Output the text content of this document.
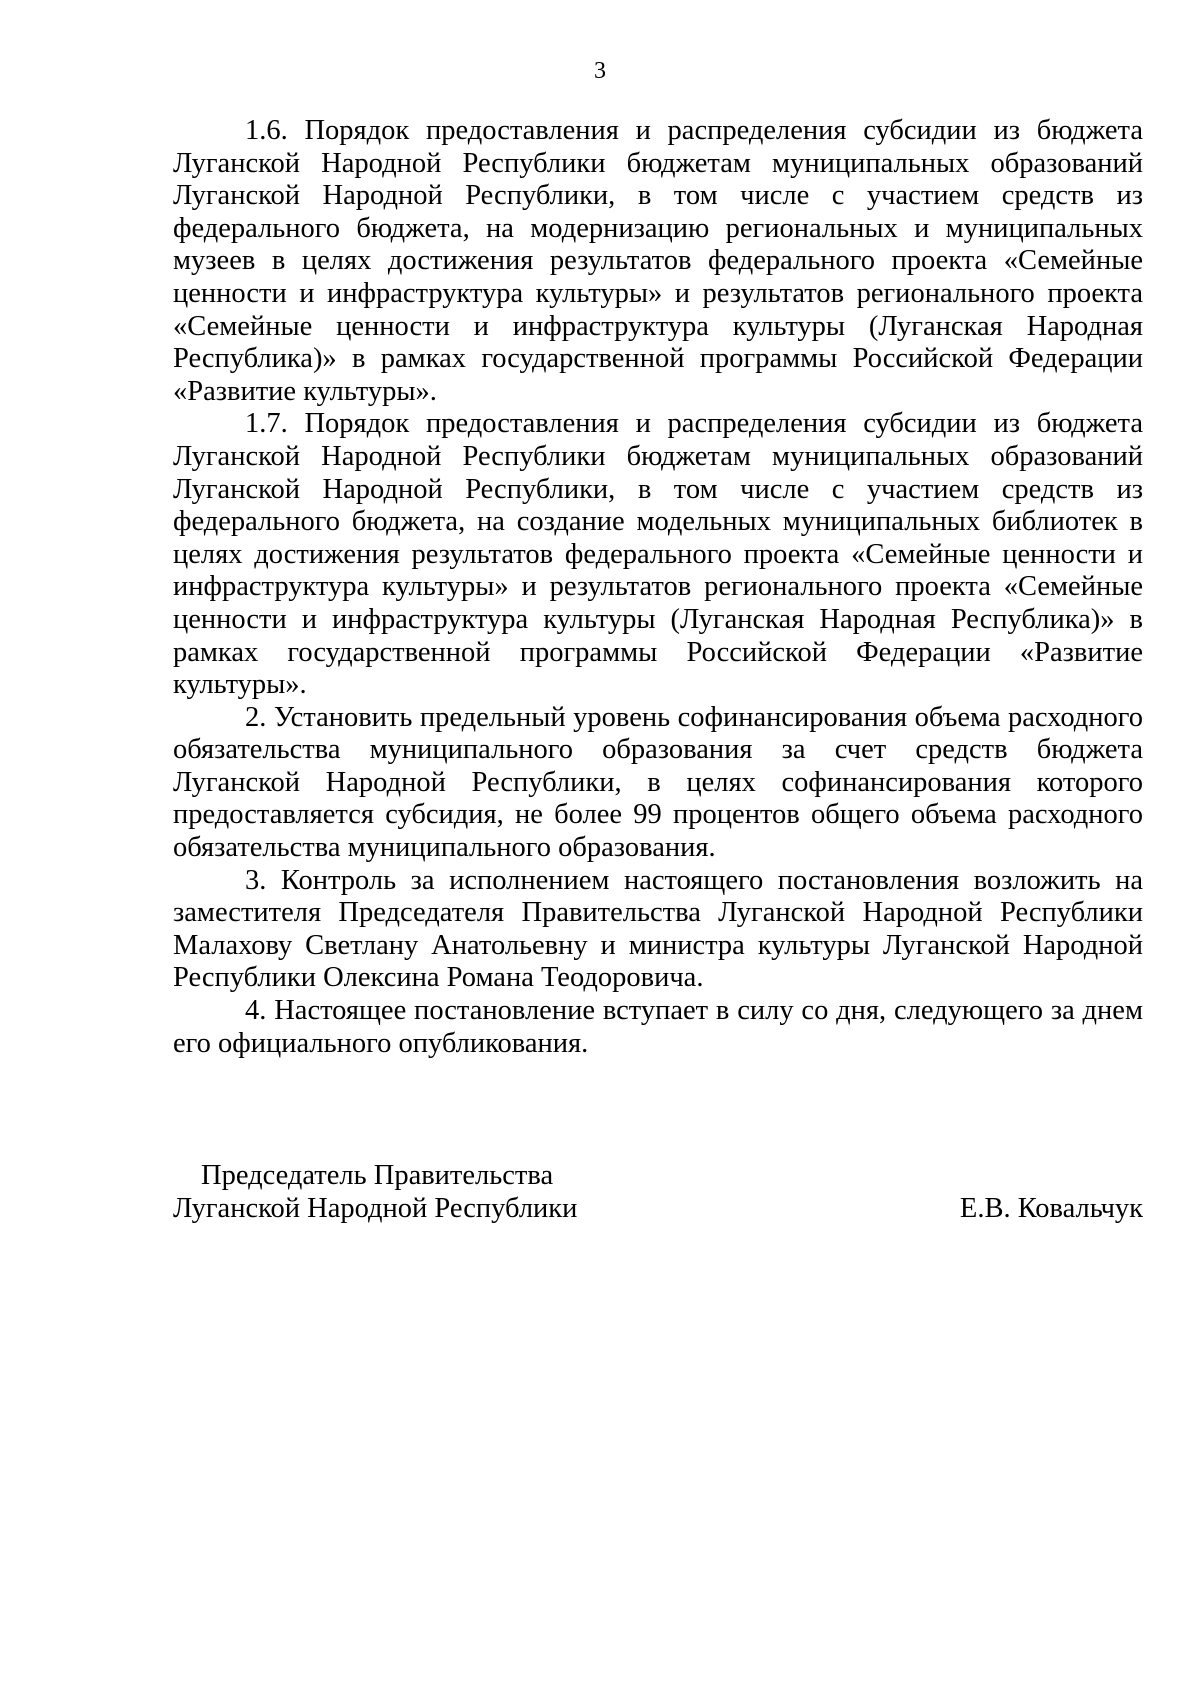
3

1.6. Порядок предоставления и распределения субсидии из бюджета Луганской Народной Республики бюджетам муниципальных образований Луганской Народной Республики, в том числе с участием средств из федерального бюджета, на модернизацию региональных и муниципальных музеев в целях достижения результатов федерального проекта «Семейные ценности и инфраструктура культуры» и результатов регионального проекта «Семейные ценности и инфраструктура культуры (Луганская Народная Республика)» в рамках государственной программы Российской Федерации «Развитие культуры».

1.7. Порядок предоставления и распределения субсидии из бюджета Луганской Народной Республики бюджетам муниципальных образований Луганской Народной Республики, в том числе с участием средств из федерального бюджета, на создание модельных муниципальных библиотек в целях достижения результатов федерального проекта «Семейные ценности и инфраструктура культуры» и результатов регионального проекта «Семейные ценности и инфраструктура культуры (Луганская Народная Республика)» в рамках государственной программы Российской Федерации «Развитие культуры».

2. Установить предельный уровень софинансирования объема расходного обязательства муниципального образования за счет средств бюджета Луганской Народной Республики, в целях софинансирования которого предоставляется субсидия, не более 99 процентов общего объема расходного обязательства муниципального образования.

3. Контроль за исполнением настоящего постановления возложить на заместителя Председателя Правительства Луганской Народной Республики Малахову Светлану Анатольевну и министра культуры Луганской Народной Республики Олексина Романа Теодоровича.

4. Настоящее постановление вступает в силу со дня, следующего за днем его официального опубликования.

Председатель Правительства
Луганской Народной Республики	Е.В. Ковальчук
